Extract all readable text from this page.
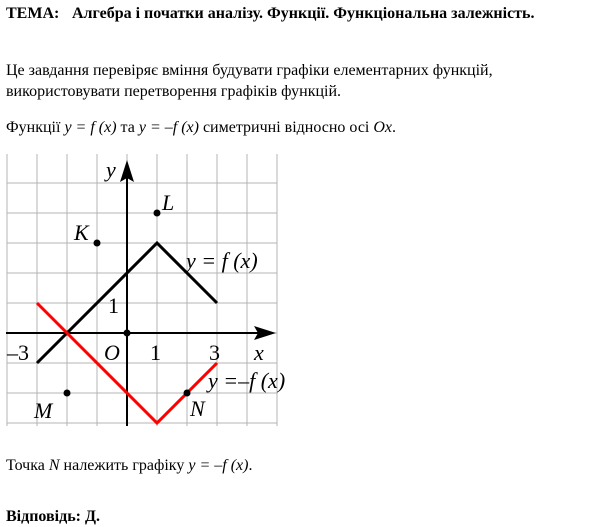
ТЕМА: Алгебра і початки аналізу. Функції. Функціональна залежність.
Це завдання перевіряє вміння будувати графіки елементарних функцій, використовувати перетворення графіків функцій.
Функції y = f (x) та y = –f (x) симетричні відносно осі Ox.
y
x
O
–3	1 3
1
y = f (x)
y =–f (x)
L
K
M	N
Точка N належить графіку y = –f (x).
Відповідь: Д.
